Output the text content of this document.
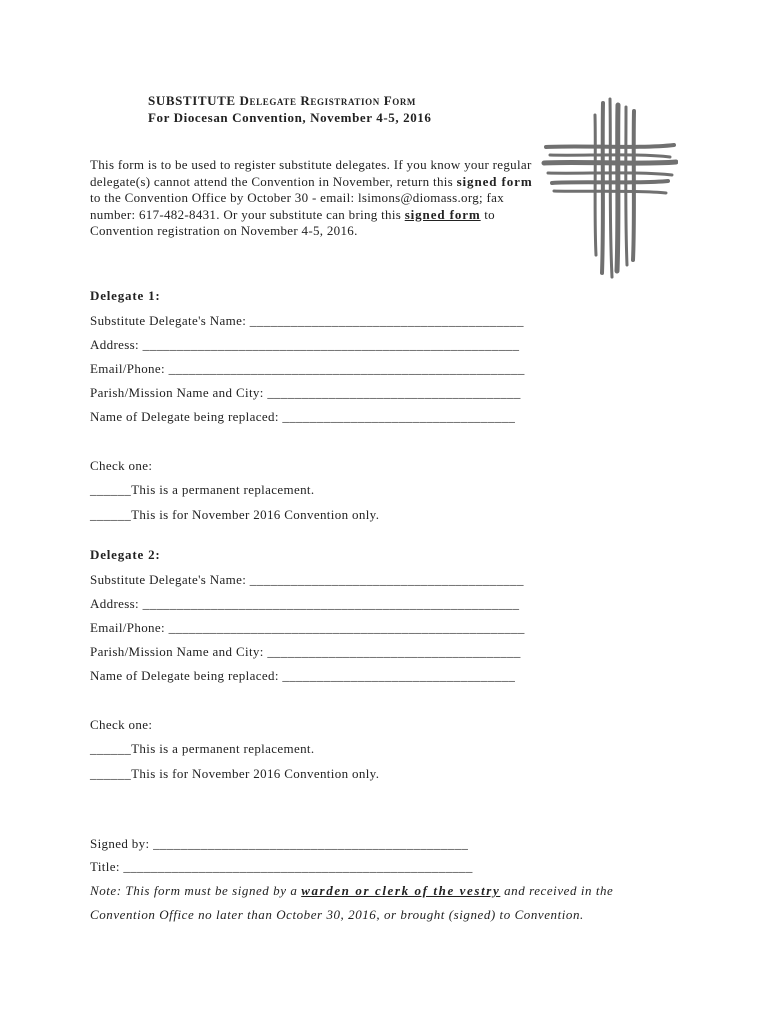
SUBSTITUTE Delegate Registration Form
For Diocesan Convention, November 4-5, 2016
This form is to be used to register substitute delegates. If you know your regular delegate(s) cannot attend the Convention in November, return this signed form to the Convention Office by October 30 - email: lsimons@diomass.org; fax number: 617-482-8431. Or your substitute can bring this signed form to Convention registration on November 4-5, 2016.
Delegate 1:
Substitute Delegate's Name: ________________________________________
Address: _______________________________________________________
Email/Phone: ____________________________________________________
Parish/Mission Name and City: _____________________________________
Name of Delegate being replaced: __________________________________
Check one:
______This is a permanent replacement.
______This is for November 2016 Convention only.
Delegate 2:
Substitute Delegate's Name: ________________________________________
Address: _______________________________________________________
Email/Phone: ____________________________________________________
Parish/Mission Name and City: _____________________________________
Name of Delegate being replaced: __________________________________
Check one:
______This is a permanent replacement.
______This is for November 2016 Convention only.
Signed by: ______________________________________________
Title: ___________________________________________________
Note: This form must be signed by a warden or clerk of the vestry and received in the
Convention Office no later than October 30, 2016, or brought (signed) to Convention.
